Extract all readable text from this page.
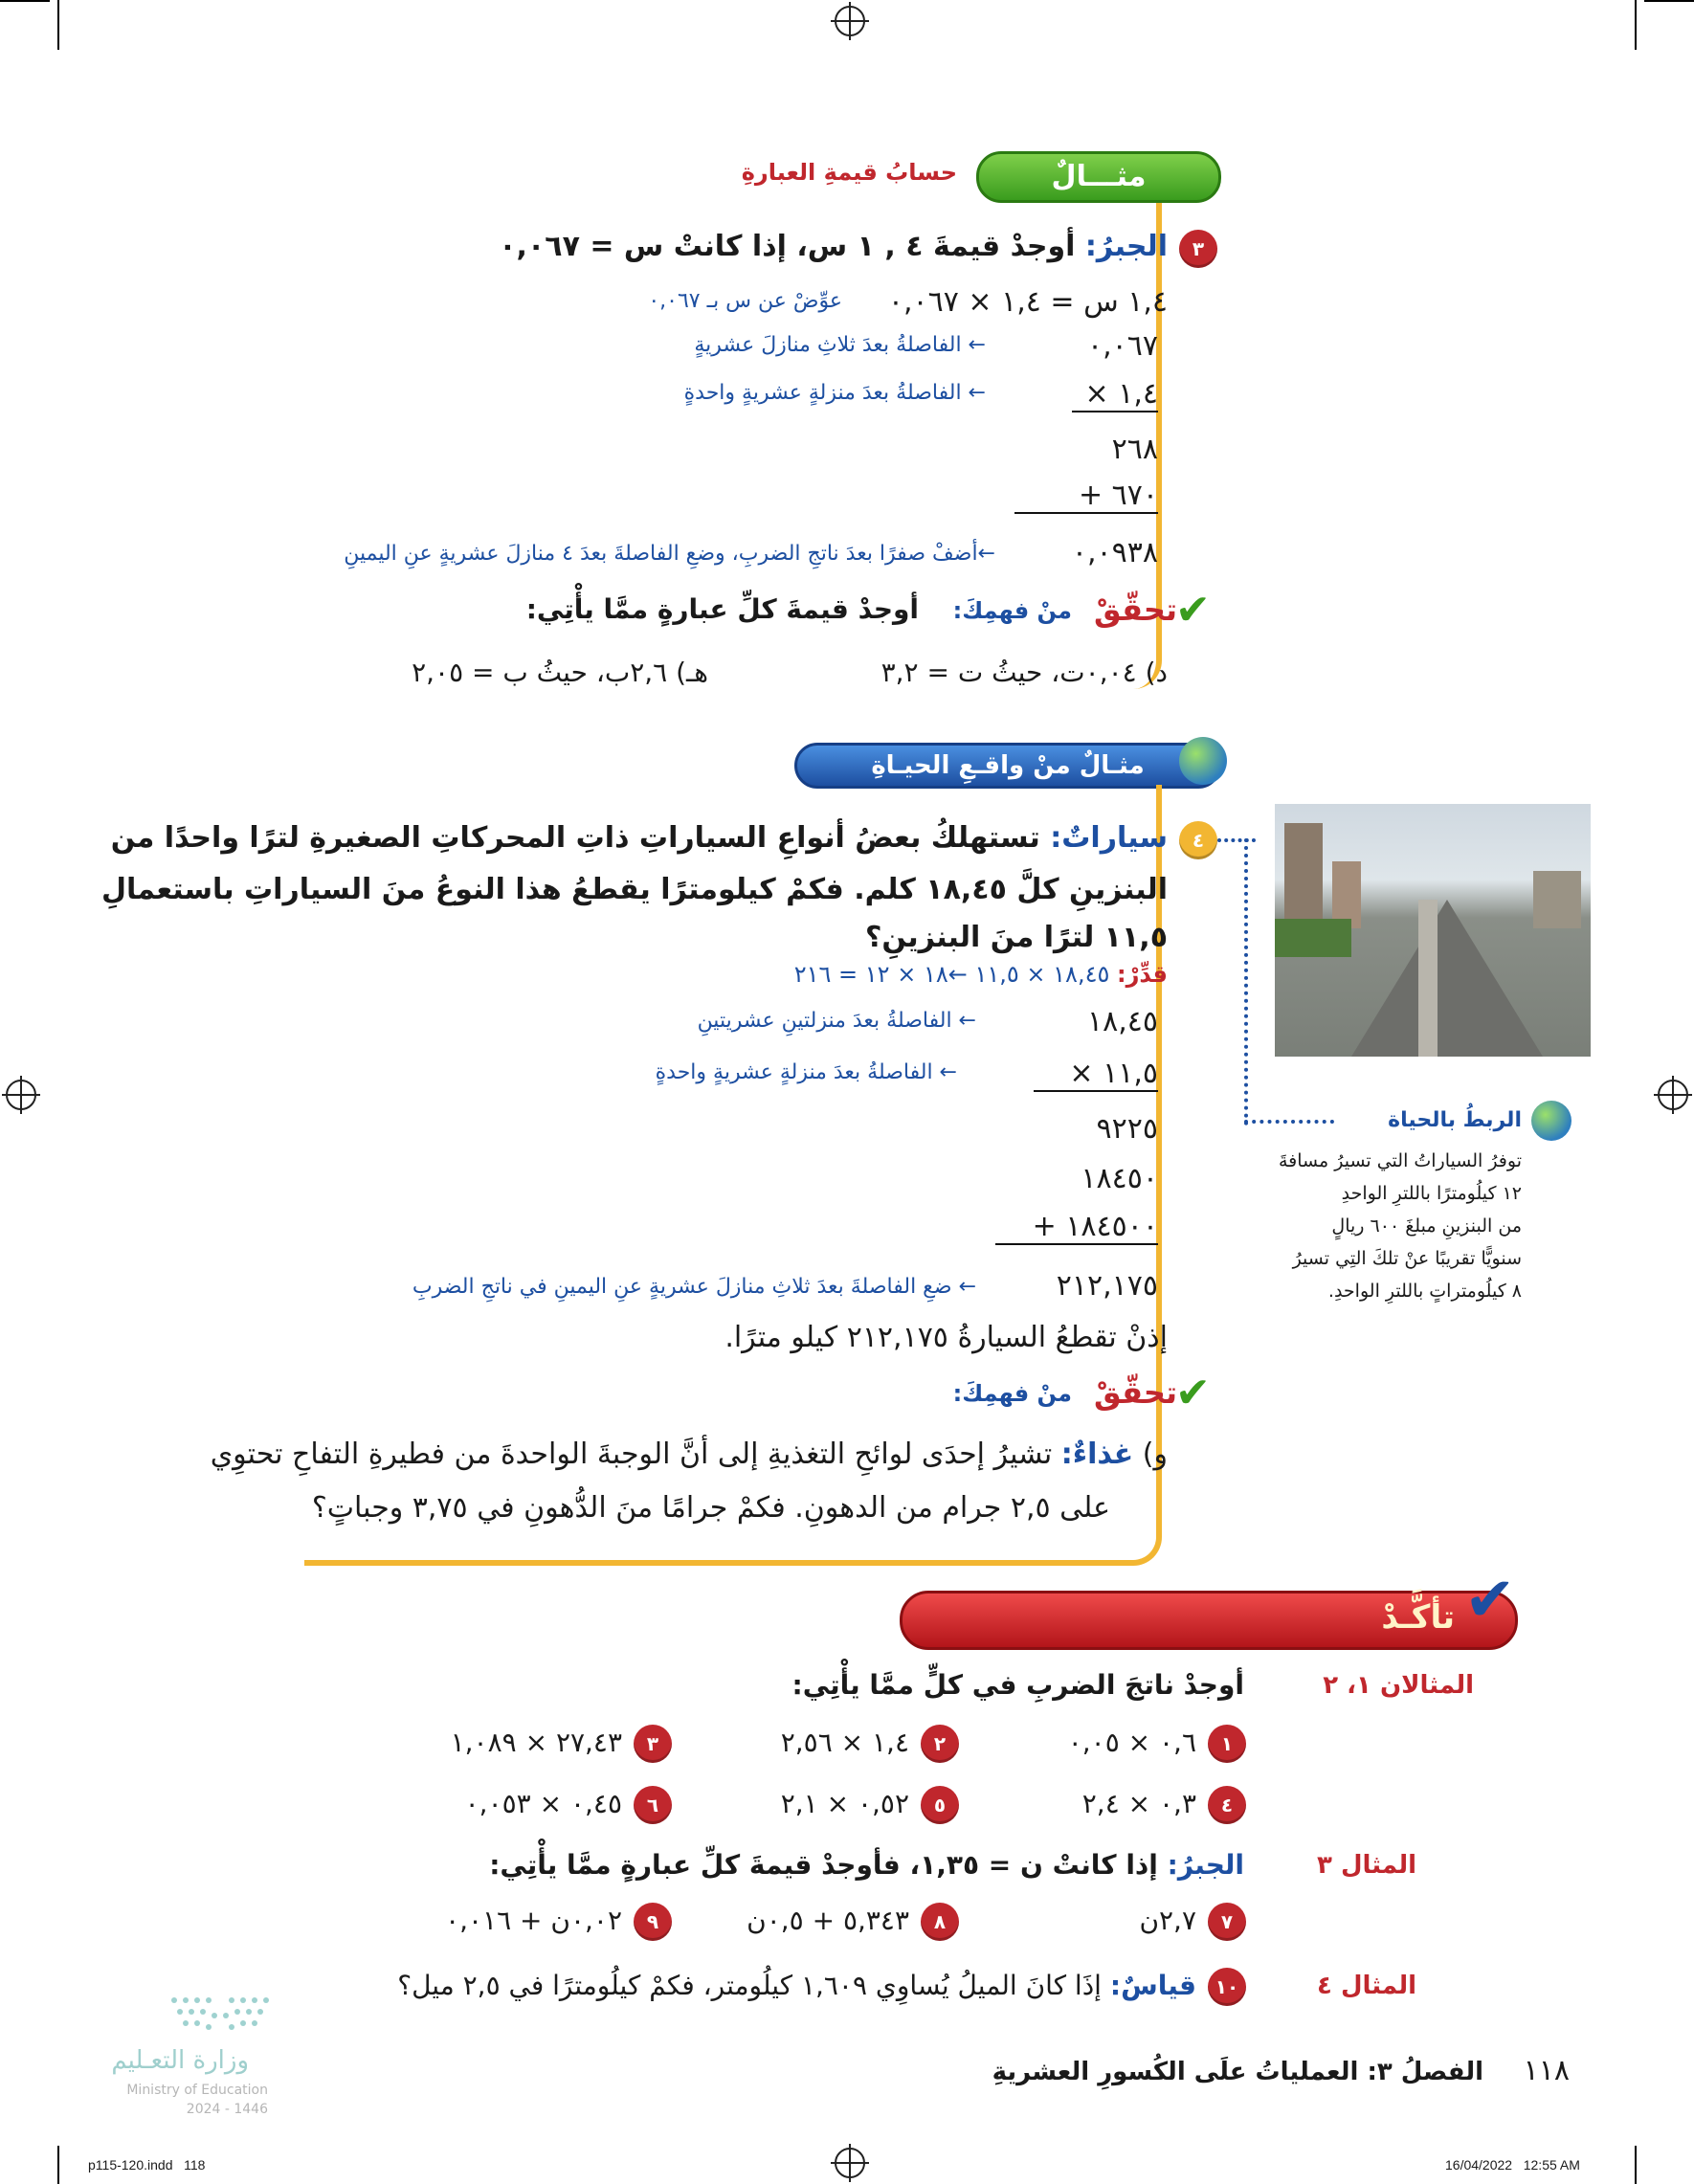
مثـــالٌ
حسابُ قيمةِ العبارةِ
٣
الجبرُ: أوجدْ قيمةَ ٤ , ١ س، إذا كانتْ س = ٠,٠٦٧
١,٤ س = ١,٤ × ٠,٠٦٧
عوِّضْ عن س بـ ٠,٠٦٧
٠,٠٦٧
← الفاصلةُ بعدَ ثلاثِ منازلَ عشريةٍ
× ١,٤
← الفاصلةُ بعدَ منزلةٍ عشريةٍ واحدةٍ
٢٦٨
+ ٦٧٠
٠,٠٩٣٨
←أضفْ صفرًا بعدَ ناتجِ الضربِ، وضعِ الفاصلةَ بعدَ ٤ منازلَ عشريةٍ عنِ اليمينِ
✔
تحقّقْ
منْ فهمِكَ:
أوجدْ قيمةَ كلِّ عبارةٍ ممَّا يأْتِي:
د) ٠,٠٤ت، حيثُ ت = ٣,٢
هـ) ٢,٦ب، حيثُ ب = ٢,٠٥
مثـالٌ منْ واقـعِ الحيـاةِ
٤
سياراتٌ: تستهلكُ بعضُ أنواعِ السياراتِ ذاتِ المحركاتِ الصغيرةِ لترًا واحدًا من
البنزينِ كلَّ ١٨,٤٥ كلم. فكمْ كيلومترًا يقطعُ هذا النوعُ منَ السياراتِ باستعمالِ
١١,٥ لترًا منَ البنزينِ؟
قدِّرْ: ١٨,٤٥ × ١١,٥ ←١٨ × ١٢ = ٢١٦
١٨,٤٥
← الفاصلةُ بعدَ منزلتينِ عشريتينِ
× ١١,٥
← الفاصلةُ بعدَ منزلةٍ عشريةٍ واحدةٍ
٩٢٢٥
١٨٤٥٠
+ ١٨٤٥٠٠
٢١٢,١٧٥
← ضعِ الفاصلةَ بعدَ ثلاثِ منازلَ عشريةٍ عنِ اليمينِ في ناتجِ الضربِ
إذنْ تقطعُ السيارةُ ٢١٢,١٧٥ كيلو مترًا.
الربطُ بالحياة
توفرُ السياراتُ التي تسيرُ مسافةَ
١٢ كيلُومترًا باللترِ الواحدِ
من البنزينِ مبلغَ ٦٠٠ ريالٍ
سنويًّا تقريبًا عنْ تلكَ التِي تسيرُ
٨ كيلُومتراتٍ باللترِ الواحدِ.
✔
تحقّقْ
منْ فهمِكَ:
و) غذاءٌ: تشيرُ إحدَى لوائحِ التغذيةِ إلى أنَّ الوجبةَ الواحدةَ من فطيرةِ التفاحِ تحتوِي
على ٢,٥ جرام من الدهونِ. فكمْ جرامًا منَ الدُّهونِ في ٣,٧٥ وجباتٍ؟
تأكَّـدْ ✔
المثالان ١، ٢
أوجدْ ناتجَ الضربِ في كلٍّ ممَّا يأْتِي:
١
٠,٦ × ٠,٠٥
٢
١,٤ × ٢,٥٦
٣
٢٧,٤٣ × ١,٠٨٩
٤
٠,٣ × ٢,٤
٥
٠,٥٢ × ٢,١
٦
٠,٤٥ × ٠,٠٥٣
المثال ٣
الجبرُ: إذا كانتْ ن = ١,٣٥، فأوجدْ قيمةَ كلِّ عبارةٍ ممَّا يأْتِي:
٧
٢,٧ن
٨
٥,٣٤٣ + ٠,٥ن
٩
٠,٠٢ن + ٠,٠١٦
المثال ٤
١٠
قياسٌ: إذَا كانَ الميلُ يُساوِي ١,٦٠٩ كيلُومتر، فكمْ كيلُومترًا في ٢,٥ ميل؟
وزارة التعـليم
Ministry of Education
2024 - 1446
١١٨
الفصلُ ٣: العملياتُ علَى الكُسورِ العشريةِ
p115-120.indd   118	16/04/2022   12:55 AM
